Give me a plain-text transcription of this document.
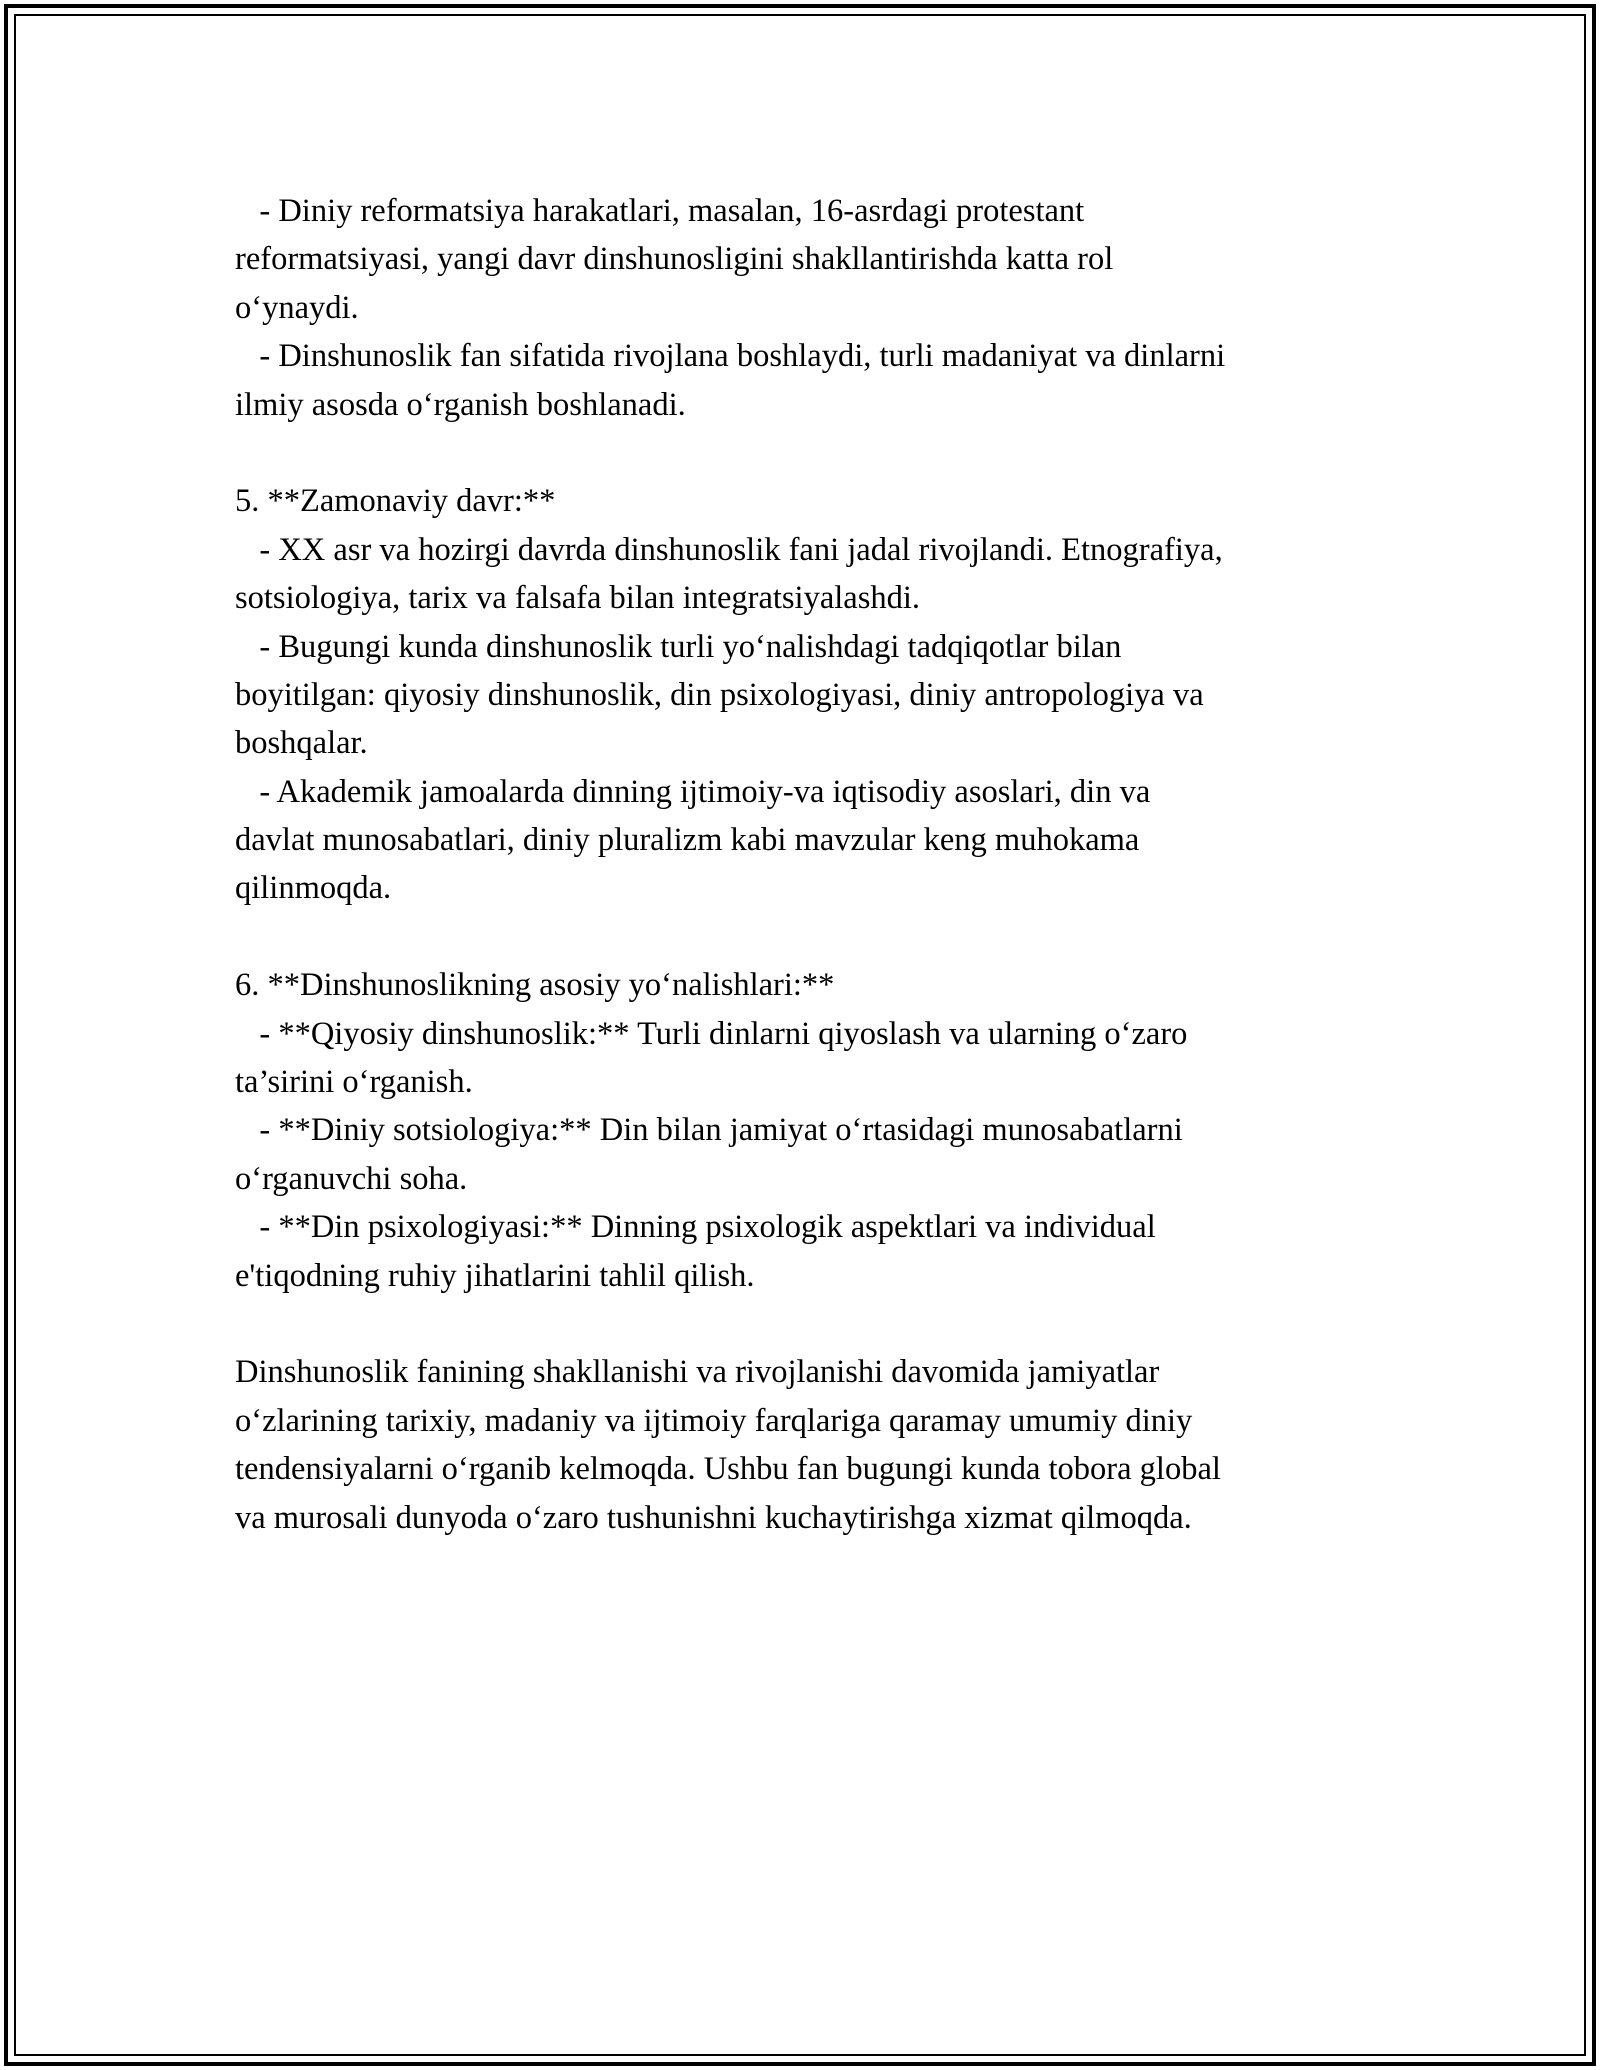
- Diniy reformatsiya harakatlari, masalan, 16-asrdagi protestant
reformatsiyasi, yangi davr dinshunosligini shakllantirishda katta rol
o‘ynaydi.
- Dinshunoslik fan sifatida rivojlana boshlaydi, turli madaniyat va dinlarni
ilmiy asosda o‘rganish boshlanadi.
5. **Zamonaviy davr:**
- XX asr va hozirgi davrda dinshunoslik fani jadal rivojlandi. Etnografiya,
sotsiologiya, tarix va falsafa bilan integratsiyalashdi.
- Bugungi kunda dinshunoslik turli yo‘nalishdagi tadqiqotlar bilan
boyitilgan: qiyosiy dinshunoslik, din psixologiyasi, diniy antropologiya va
boshqalar.
- Akademik jamoalarda dinning ijtimoiy-va iqtisodiy asoslari, din va
davlat munosabatlari, diniy pluralizm kabi mavzular keng muhokama
qilinmoqda.
6. **Dinshunoslikning asosiy yo‘nalishlari:**
- **Qiyosiy dinshunoslik:** Turli dinlarni qiyoslash va ularning o‘zaro
ta’sirini o‘rganish.
- **Diniy sotsiologiya:** Din bilan jamiyat o‘rtasidagi munosabatlarni
o‘rganuvchi soha.
- **Din psixologiyasi:** Dinning psixologik aspektlari va individual
e'tiqodning ruhiy jihatlarini tahlil qilish.
Dinshunoslik fanining shakllanishi va rivojlanishi davomida jamiyatlar
o‘zlarining tarixiy, madaniy va ijtimoiy farqlariga qaramay umumiy diniy
tendensiyalarni o‘rganib kelmoqda. Ushbu fan bugungi kunda tobora global
va murosali dunyoda o‘zaro tushunishni kuchaytirishga xizmat qilmoqda.
